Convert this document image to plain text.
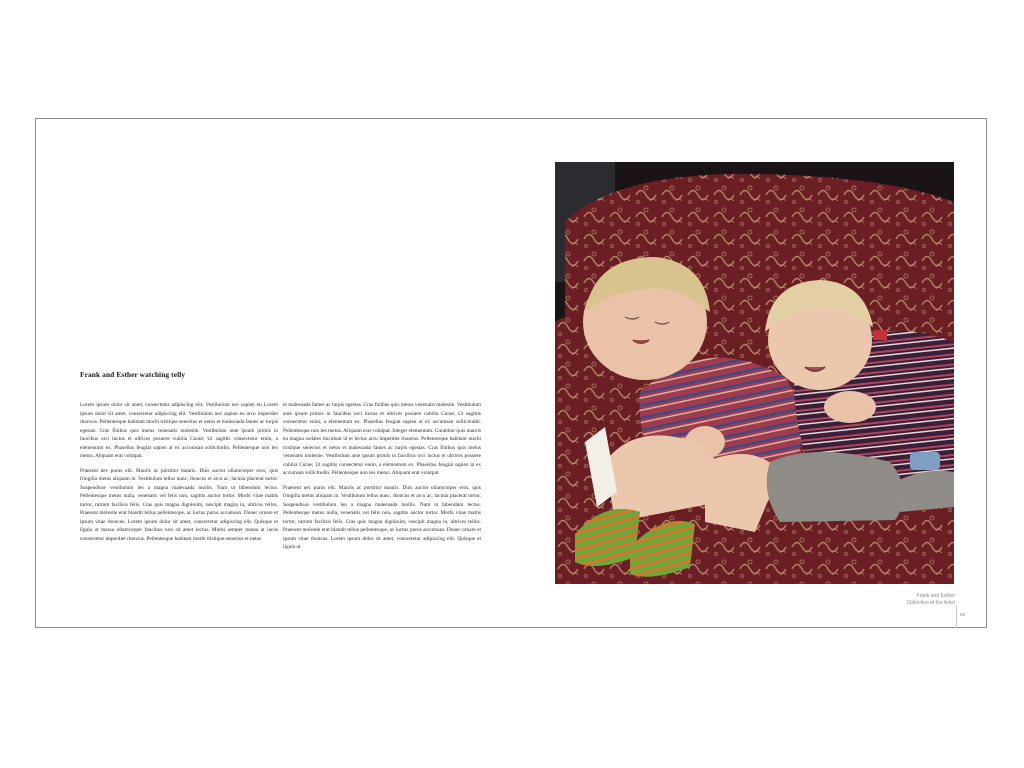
Frank and Esther watching telly

Lorem ipsum dolor sit amet, consectetur adipiscing elit. Vestibulum nec sapien eu Lorem ipsum dolor sit amet, consectetur adipiscing elit. Vestibulum nec sapien eu arcu imperdiet rhoncus. Pellentesque habitant morbi tristique senectus et netus et malesuada fames ac turpis egestas. Cras finibus quis metus venenatis molestie. Vestibulum ante ipsum primis in faucibus orci luctus et ultrices posuere cubilia Curae; Ut sagittis consectetur enim, a elementum ex. Phasellus feugiat sapien at ex accumsan sollicitudin. Pellentesque non leo metus. Aliquam erat volutpat.

Praesent nec purus elit. Mauris ac porttitor mauris. Duis auctor ullamcorper eros, quis fringilla metus aliquam in. Vestibulum tellus nunc, rhoncus et arcu ac, lacinia placerat tortor. Suspendisse vestibulum leo a magna malesuada mollis. Nam ut bibendum lectus. Pellentesque metus nulla, venenatis vel felis non, sagittis auctor tortor. Morbi vitae mattis tortor, rutrum facilisis felis. Cras quis magna dignissim, suscipit magna in, ultrices tellus. Praesent molestie erat blandit tellus pellentesque, ac luctus purus accumsan. Donec ornare et ipsum vitae rhoncus. Lorem ipsum dolor sit amet, consectetur adipiscing elit. Quisque et ligula ut massa ullamcorper faucibus non sit amet lectus. Morbi semper massa at lacus consectetur imperdiet rhoncus. Pellentesque habitant morbi tristique senectus et netus

et malesuada fames ac turpis egestas. Cras finibus quis metus venenatis molestie. Vestibulum ante ipsum primis in faucibus orci luctus et ultrices posuere cubilia Curae; Ut sagittis consectetur enim, a elementum ex. Phasellus feugiat sapien at ex accumsan sollicitudin. Pellentesque non leo metus. Aliquam erat volutpat. Integer elementum. Curabitur quis mauris eu magna sodales tincidunt id et lectus arcu imperdiet rhoncus. Pellentesque habitant morbi tristique senectus et netus et malesuada fames ac turpis egestas. Cras finibus quis metus venenatis molestie. Vestibulum ante ipsum primis in faucibus orci luctus et ultrices posuere cubilia Curae; Ut sagittis consectetur enim, a elementum ex. Phasellus feugiat sapien at ex accumsan sollicitudin. Pellentesque non leo metus. Aliquam erat volutpat.

Praesent nec purus elit. Mauris ac porttitor mauris. Duis auctor ullamcorper eros, quis fringilla metus aliquam in. Vestibulum tellus nunc, rhoncus et arcu ac, lacinia placerat tortor. Suspendisse vestibulum leo a magna malesuada mollis. Nam ut bibendum lectus. Pellentesque metus nulla, venenatis vel felis non, sagittis auctor tortor. Morbi vitae mattis tortor, rutrum facilisis felis. Cras quis magna dignissim, suscipit magna in, ultrices tellus. Praesent molestie erat blandit tellus pellentesque, ac luctus purus accumsan. Donec ornare et ipsum vitae rhoncus. Lorem ipsum dolor sit amet, consectetur adipiscing elit. Quisque et ligula ut

Frank and Esther
Collection of the Artist
96
